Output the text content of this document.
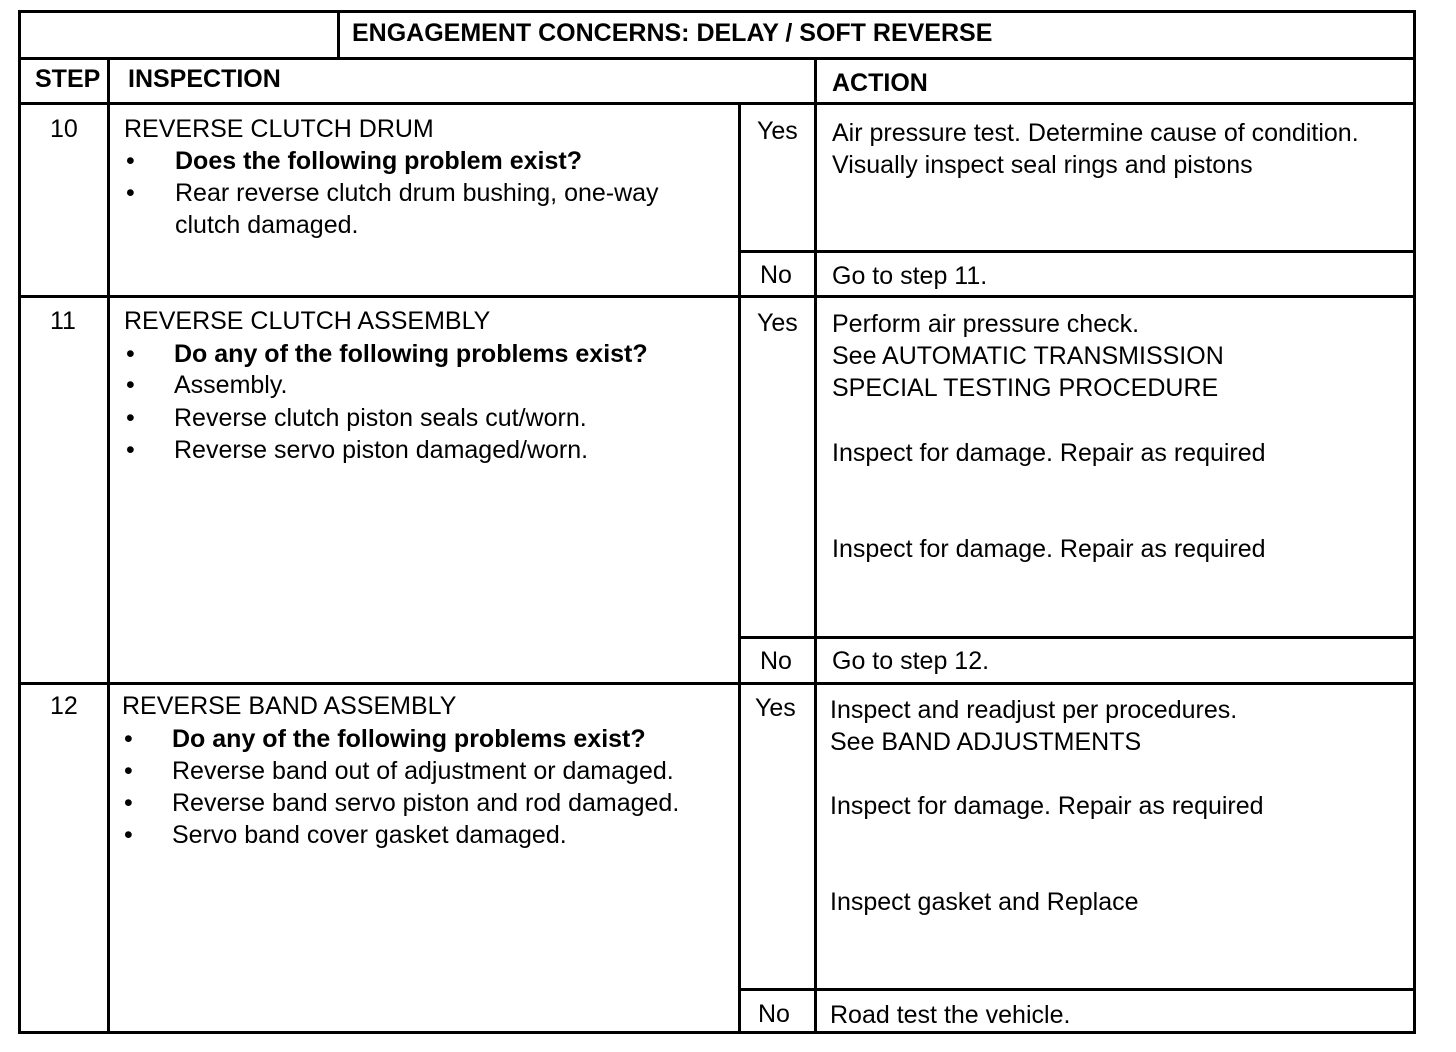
ENGAGEMENT CONCERNS: DELAY / SOFT REVERSE
STEP INSPECTION	ACTION
10 REVERSE CLUTCH DRUM
• Does the following problem exist?
• Rear reverse clutch drum bushing, one-way
clutch damaged.
Yes Air pressure test. Determine cause of condition.
Visually inspect seal rings and pistons
No Go to step 11.
11 REVERSE CLUTCH ASSEMBLY
• Do any of the following problems exist?
• Assembly.
• Reverse clutch piston seals cut/worn.
• Reverse servo piston damaged/worn.
Yes Perform air pressure check.
See AUTOMATIC TRANSMISSION
SPECIAL TESTING PROCEDURE
Inspect for damage. Repair as required
Inspect for damage. Repair as required
No Go to step 12.
12 REVERSE BAND ASSEMBLY
• Do any of the following problems exist?
• Reverse band out of adjustment or damaged.
• Reverse band servo piston and rod damaged.
• Servo band cover gasket damaged.
Yes Inspect and readjust per procedures.
See BAND ADJUSTMENTS
Inspect for damage. Repair as required
Inspect gasket and Replace
No Road test the vehicle.
